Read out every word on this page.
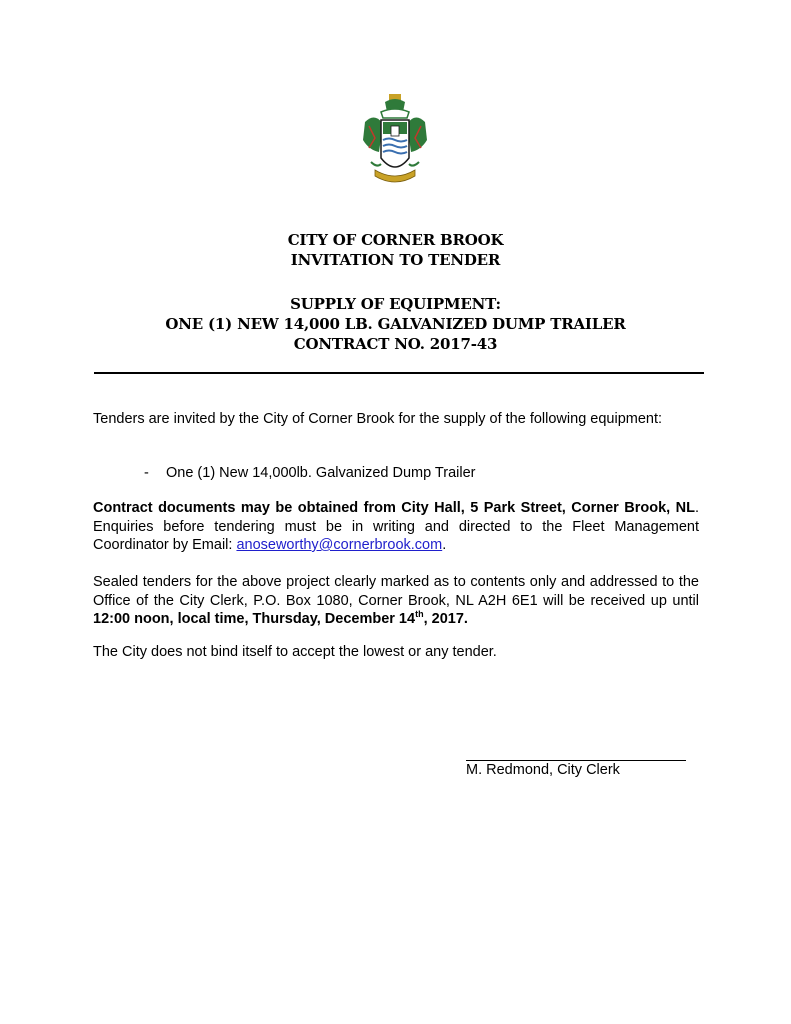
CITY OF CORNER BROOK
INVITATION TO TENDER
SUPPLY OF EQUIPMENT:
ONE (1) NEW 14,000 LB. GALVANIZED DUMP TRAILER
CONTRACT NO. 2017-43
Tenders are invited by the City of Corner Brook for the supply of the following equipment:
- One (1) New 14,000lb. Galvanized Dump Trailer
Contract documents may be obtained from City Hall, 5 Park Street, Corner Brook, NL. Enquiries before tendering must be in writing and directed to the Fleet Management Coordinator by Email: anoseworthy@cornerbrook.com.
Sealed tenders for the above project clearly marked as to contents only and addressed to the Office of the City Clerk, P.O. Box 1080, Corner Brook, NL A2H 6E1 will be received up until 12:00 noon, local time, Thursday, December 14th, 2017.
The City does not bind itself to accept the lowest or any tender.
M. Redmond, City Clerk
